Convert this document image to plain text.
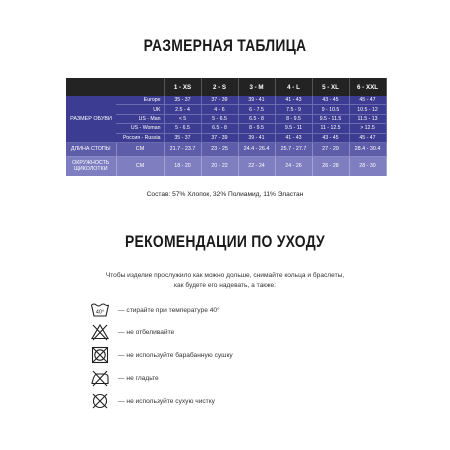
РАЗМЕРНАЯ ТАБЛИЦА
		1 - XS	2 - S	3 - M	4 - L	5 - XL	6 - XXL
РАЗМЕР ОБУВИ	Europe	35 - 37	37 - 39	39 - 41	41 - 43	43 - 45	45 - 47
	UK	2.5 - 4	4 - 6	6 - 7.5	7.5 - 9	9 - 10.5	10.5 - 12
	US - Man	< 5	5 - 6.5	6.5 - 8	8 - 9.5	9.5 - 11.5	11.5 - 13
	US - Woman	5 - 6.5	6.5 - 8	8 - 9.5	9.5 - 11	11 - 12.5	> 12.5
	Россия - Russia	35 - 37	37 - 39	39 - 41	41 - 43	43 - 45	45 - 47
ДЛИНА СТОПЫ	CM	21.7 - 23.7	23 - 25	24.4 - 26.4	25.7 - 27.7	27 - 29	28.4 - 30.4
ОКРУЖНОСТЬ
ЩИКОЛОТКИ	CM	18 - 20	20 - 22	22 - 24	24 - 26	26 - 28	28 - 30
Состав: 57% Хлопок, 32% Полиамид, 11% Эластан
РЕКОМЕНДАЦИИ ПО УХОДУ
Чтобы изделие прослужило как можно дольше, снимайте кольца и браслеты,
как будете его надевать, а также:
40° — стирайте при температуре 40°
— не отбеливайте
— не используйте барабанную сушку
— не гладьте
— не используйте сухую чистку
